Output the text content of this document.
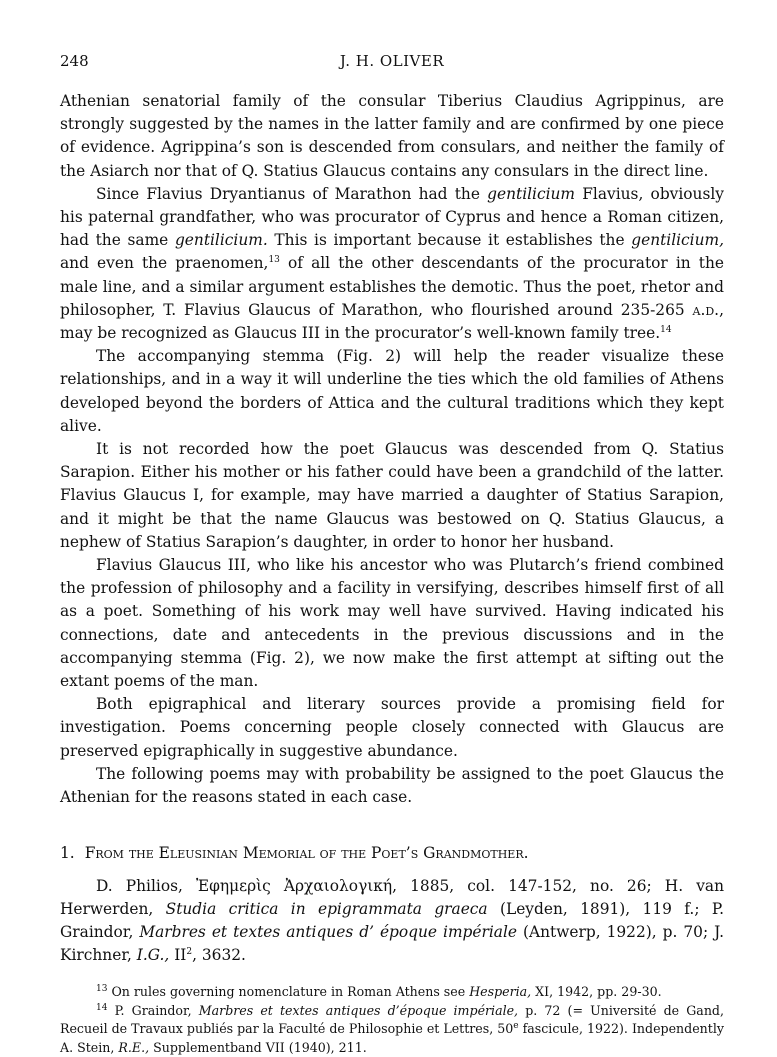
248	J. H. OLIVER

Athenian senatorial family of the consular Tiberius Claudius Agrippinus, are strongly suggested by the names in the latter family and are confirmed by one piece of evidence. Agrippina’s son is descended from consulars, and neither the family of the Asiarch nor that of Q. Statius Glaucus contains any consulars in the direct line.

Since Flavius Dryantianus of Marathon had the gentilicium Flavius, obviously his paternal grandfather, who was procurator of Cyprus and hence a Roman citizen, had the same gentilicium. This is important because it establishes the gentilicium, and even the praenomen,$^{13}$ of all the other descendants of the procurator in the male line, and a similar argument establishes the demotic. Thus the poet, rhetor and philosopher, T. Flavius Glaucus of Marathon, who flourished around 235-265 a.d., may be recognized as Glaucus III in the procurator’s well-known family tree.$^{14}$

The accompanying stemma (Fig. 2) will help the reader visualize these relationships, and in a way it will underline the ties which the old families of Athens developed beyond the borders of Attica and the cultural traditions which they kept alive.

It is not recorded how the poet Glaucus was descended from Q. Statius Sarapion. Either his mother or his father could have been a grandchild of the latter. Flavius Glaucus I, for example, may have married a daughter of Statius Sarapion, and it might be that the name Glaucus was bestowed on Q. Statius Glaucus, a nephew of Statius Sarapion’s daughter, in order to honor her husband.

Flavius Glaucus III, who like his ancestor who was Plutarch’s friend combined the profession of philosophy and a facility in versifying, describes himself first of all as a poet. Something of his work may well have survived. Having indicated his connections, date and antecedents in the previous discussions and in the accompanying stemma (Fig. 2), we now make the first attempt at sifting out the extant poems of the man.

Both epigraphical and literary sources provide a promising field for investigation. Poems concerning people closely connected with Glaucus are preserved epigraphically in suggestive abundance.

The following poems may with probability be assigned to the poet Glaucus the Athenian for the reasons stated in each case.

1. From the Eleusinian Memorial of the Poet’s Grandmother.
D. Philios, Ἐφημερὶς Ἀρχαιολογική, 1885, col. 147-152, no. 26; H. van Herwerden, Studia critica in epigrammata graeca (Leyden, 1891), 119 f.; P. Graindor, Marbres et textes antiques d’ époque impériale (Antwerp, 1922), p. 70; J. Kirchner, I.G., $II^2$, 3632.

$^{13}$ On rules governing nomenclature in Roman Athens see Hesperia, XI, 1942, pp. 29-30.

$^{14}$ P. Graindor, Marbres et textes antiques d’époque impériale, p. 72 (= Université de Gand, Recueil de Travaux publiés par la Faculté de Philosophie et Lettres, 50e fascicule, 1922). Independently A. Stein, R.E., Supplementband VII (1940), 211.
